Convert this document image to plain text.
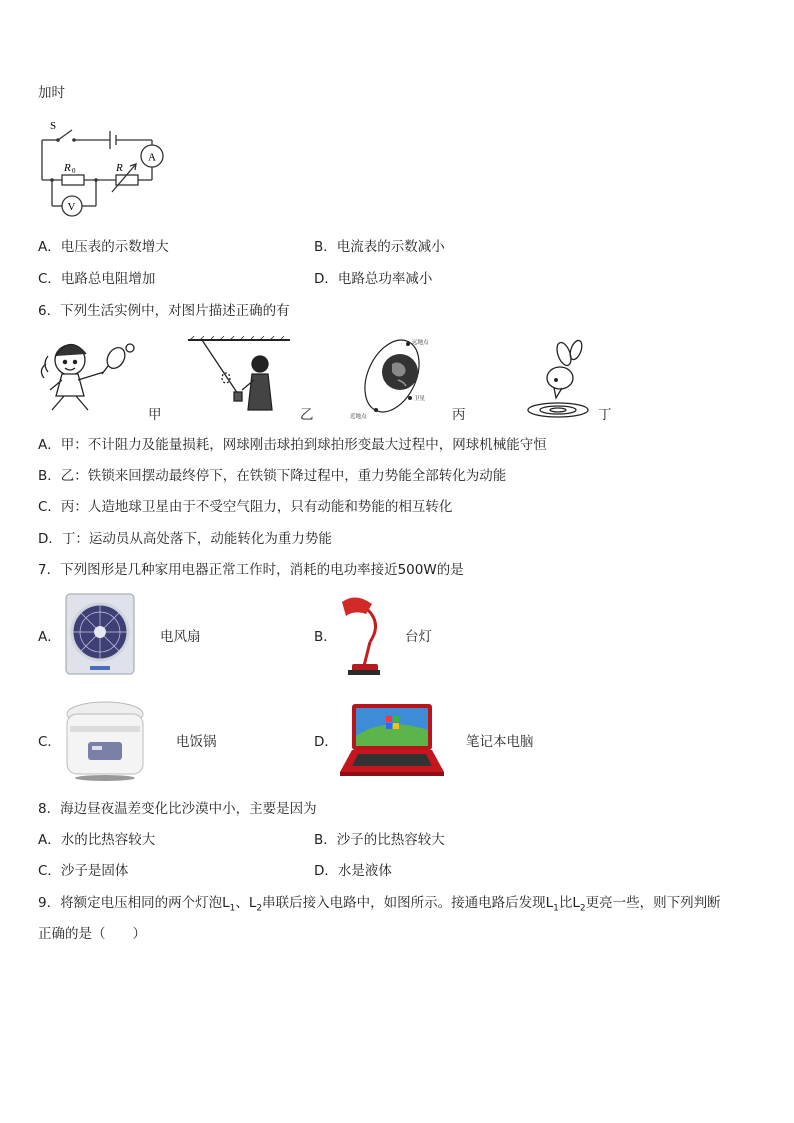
加时
S
A
V
R 0	R
A．电压表的示数增大	B．电流表的示数减小
C．电路总电阻增加	D．电路总功率减小
6．下列生活实例中，对图片描述正确的有
甲	乙
远地点
卫星
近地点	丙	丁
A．甲：不计阻力及能量损耗，网球刚击球拍到球拍形变最大过程中，网球机械能守恒
B．乙：铁锁来回摆动最终停下，在铁锁下降过程中，重力势能全部转化为动能
C．丙：人造地球卫星由于不受空气阻力，只有动能和势能的相互转化
D．丁：运动员从高处落下，动能转化为重力势能
7．下列图形是几种家用电器正常工作时，消耗的电功率接近500W的是
A．	电风扇	B．	台灯
C．	电饭锅	D．	笔记本电脑
8．海边昼夜温差变化比沙漠中小，主要是因为
A．水的比热容较大	B．沙子的比热容较大
C．沙子是固体	D．水是液体
9．将额定电压相同的两个灯泡$L_1$、$L_2$串联后接入电路中，如图所示。接通电路后发现$L_1$比$L_2$更亮一些，则下列判断
正确的是（　　）
